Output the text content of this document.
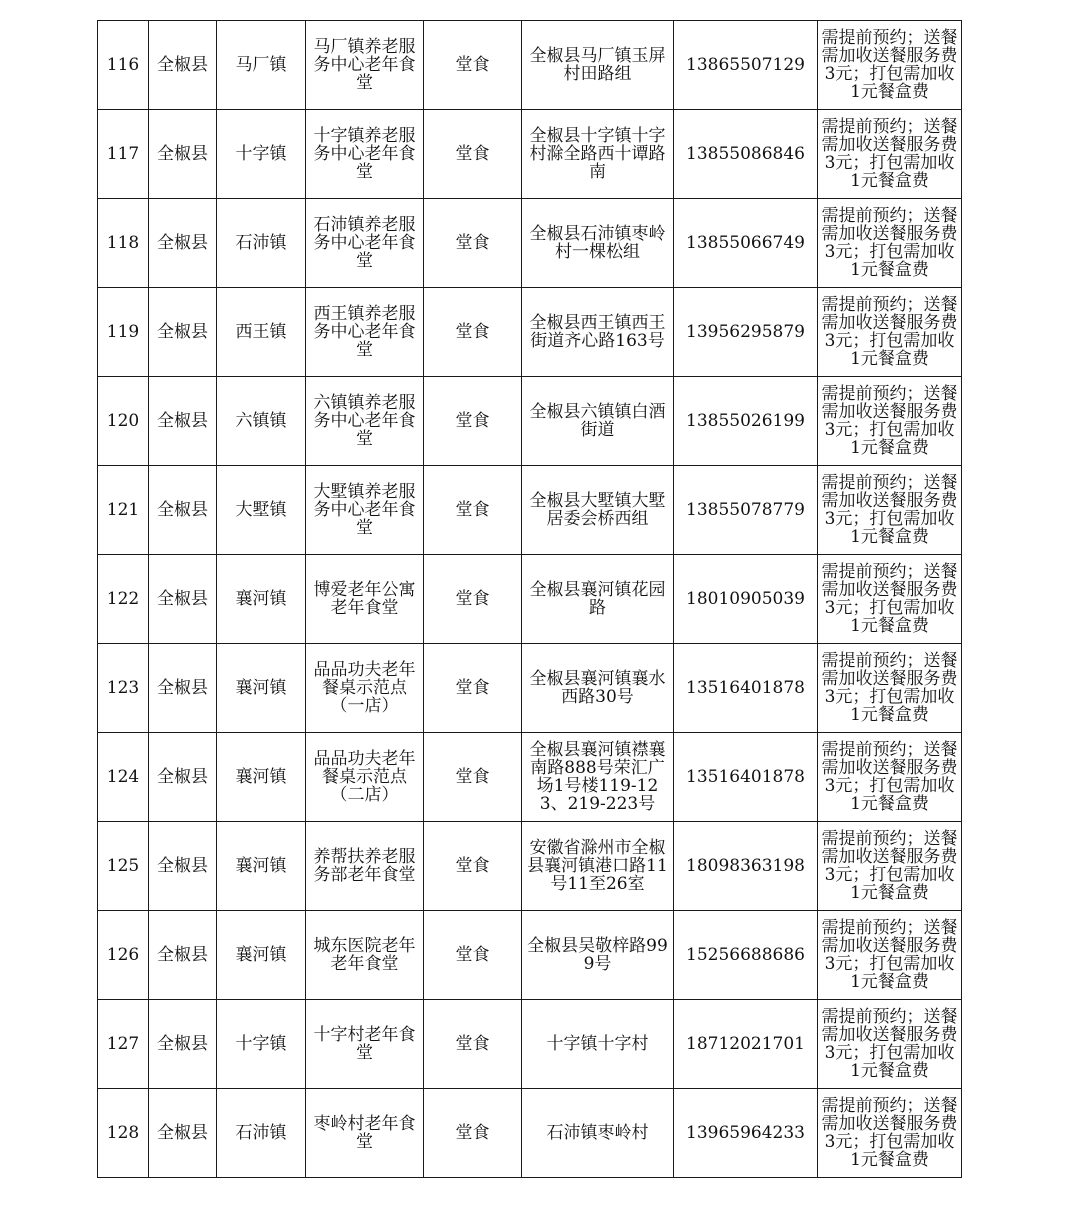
116	全椒县	马厂镇	马厂镇养老服务中心老年食堂	堂食	全椒县马厂镇玉屏村田路组	13865507129	需提前预约；送餐需加收送餐服务费3元；打包需加收1元餐盒费
117	全椒县	十字镇	十字镇养老服务中心老年食堂	堂食	全椒县十字镇十字村滁全路西十谭路南	13855086846	需提前预约；送餐需加收送餐服务费3元；打包需加收1元餐盒费
118	全椒县	石沛镇	石沛镇养老服务中心老年食堂	堂食	全椒县石沛镇枣岭村一棵松组	13855066749	需提前预约；送餐需加收送餐服务费3元；打包需加收1元餐盒费
119	全椒县	西王镇	西王镇养老服务中心老年食堂	堂食	全椒县西王镇西王街道齐心路163号	13956295879	需提前预约；送餐需加收送餐服务费3元；打包需加收1元餐盒费
120	全椒县	六镇镇	六镇镇养老服务中心老年食堂	堂食	全椒县六镇镇白酒街道	13855026199	需提前预约；送餐需加收送餐服务费3元；打包需加收1元餐盒费
121	全椒县	大墅镇	大墅镇养老服务中心老年食堂	堂食	全椒县大墅镇大墅居委会桥西组	13855078779	需提前预约；送餐需加收送餐服务费3元；打包需加收1元餐盒费
122	全椒县	襄河镇	博爱老年公寓老年食堂	堂食	全椒县襄河镇花园路	18010905039	需提前预约；送餐需加收送餐服务费3元；打包需加收1元餐盒费
123	全椒县	襄河镇	品品功夫老年餐桌示范点（一店）	堂食	全椒县襄河镇襄水西路30号	13516401878	需提前预约；送餐需加收送餐服务费3元；打包需加收1元餐盒费
124	全椒县	襄河镇	品品功夫老年餐桌示范点（二店）	堂食	全椒县襄河镇襟襄南路888号荣汇广场1号楼119-123、219-223号	13516401878	需提前预约；送餐需加收送餐服务费3元；打包需加收1元餐盒费
125	全椒县	襄河镇	养帮扶养老服务部老年食堂	堂食	安徽省滁州市全椒县襄河镇港口路11号11至26室	18098363198	需提前预约；送餐需加收送餐服务费3元；打包需加收1元餐盒费
126	全椒县	襄河镇	城东医院老年老年食堂	堂食	全椒县吴敬梓路999号	15256688686	需提前预约；送餐需加收送餐服务费3元；打包需加收1元餐盒费
127	全椒县	十字镇	十字村老年食堂	堂食	十字镇十字村	18712021701	需提前预约；送餐需加收送餐服务费3元；打包需加收1元餐盒费
128	全椒县	石沛镇	枣岭村老年食堂	堂食	石沛镇枣岭村	13965964233	需提前预约；送餐需加收送餐服务费3元；打包需加收1元餐盒费
